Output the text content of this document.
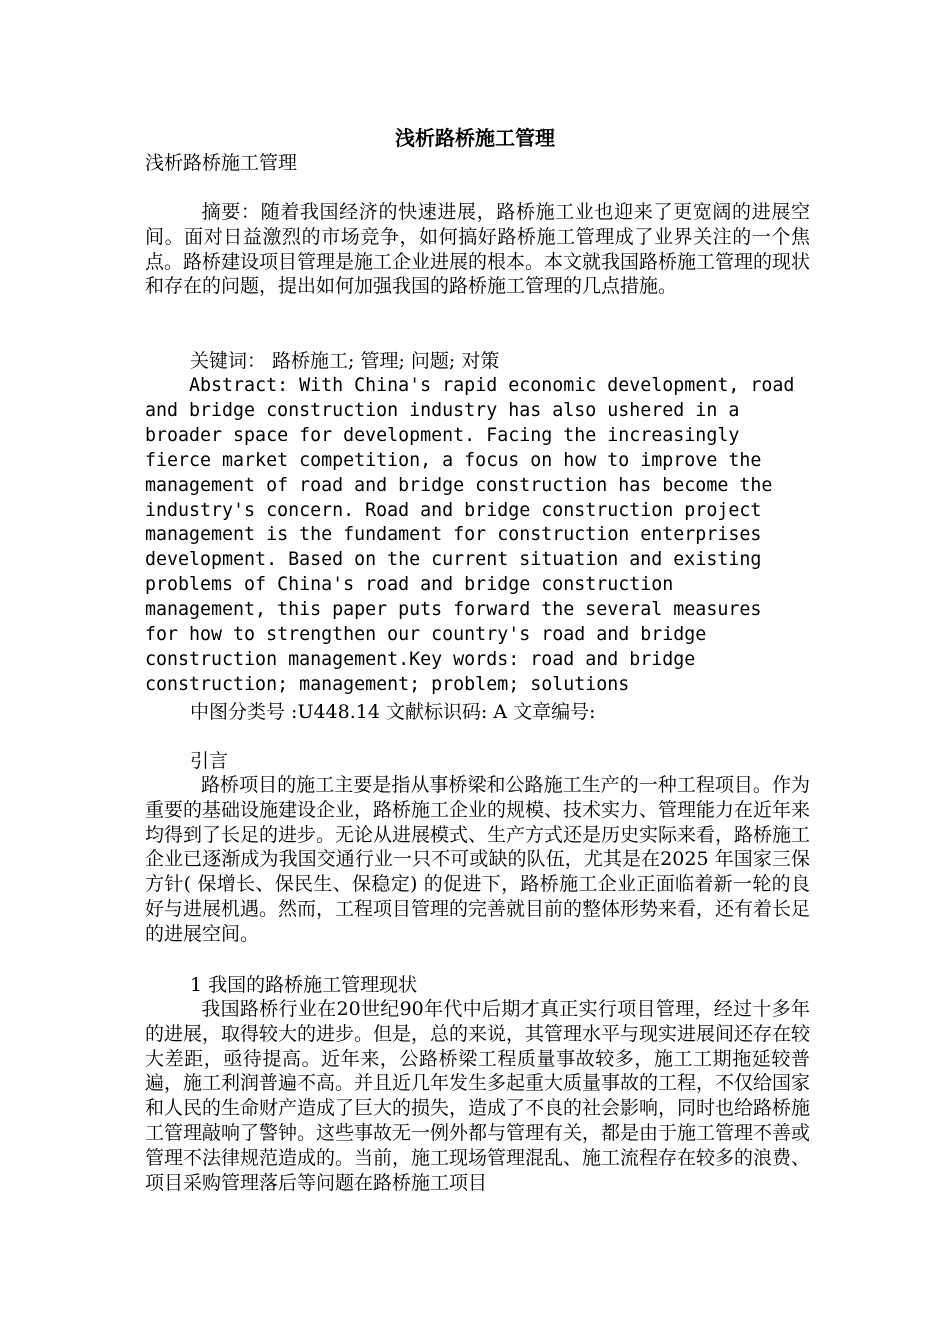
浅析路桥施工管理

浅析路桥施工管理

摘要：随着我国经济的快速进展，路桥施工业也迎来了更宽阔的进展空间。面对日益激烈的市场竞争，如何搞好路桥施工管理成了业界关注的一个焦点。路桥建设项目管理是施工企业进展的根本。本文就我国路桥施工管理的现状和存在的问题，提出如何加强我国的路桥施工管理的几点措施。

关键词： 路桥施工; 管理; 问题; 对策

Abstract: With China's rapid economic development, road
and bridge construction industry has also ushered in a
broader space for development. Facing the increasingly
fierce market competition, a focus on how to improve the
management of road and bridge construction has become the
industry's concern. Road and bridge construction project
management is the fundament for construction enterprises
development. Based on the current situation and existing
problems of China's road and bridge construction
management, this paper puts forward the several measures
for how to strengthen our country's road and bridge
construction management.Key words: road and bridge
construction; management; problem; solutions

中图分类号 :U448.14 文献标识码: A 文章编号:

引言

路桥项目的施工主要是指从事桥梁和公路施工生产的一种工程项目。作为重要的基础设施建设企业，路桥施工企业的规模、技术实力、管理能力在近年来均得到了长足的进步。无论从进展模式、生产方式还是历史实际来看，路桥施工企业已逐渐成为我国交通行业一只不可或缺的队伍，尤其是在2025 年国家三保方针( 保增长、保民生、保稳定) 的促进下，路桥施工企业正面临着新一轮的良好与进展机遇。然而，工程项目管理的完善就目前的整体形势来看，还有着长足的进展空间。

1 我国的路桥施工管理现状

我国路桥行业在20世纪90年代中后期才真正实行项目管理，经过十多年的进展，取得较大的进步。但是，总的来说，其管理水平与现实进展间还存在较大差距，亟待提高。近年来，公路桥梁工程质量事故较多，施工工期拖延较普遍，施工利润普遍不高。并且近几年发生多起重大质量事故的工程，不仅给国家和人民的生命财产造成了巨大的损失，造成了不良的社会影响，同时也给路桥施工管理敲响了警钟。这些事故无一例外都与管理有关，都是由于施工管理不善或管理不法律规范造成的。当前，施工现场管理混乱、施工流程存在较多的浪费、项目采购管理落后等问题在路桥施工项目
